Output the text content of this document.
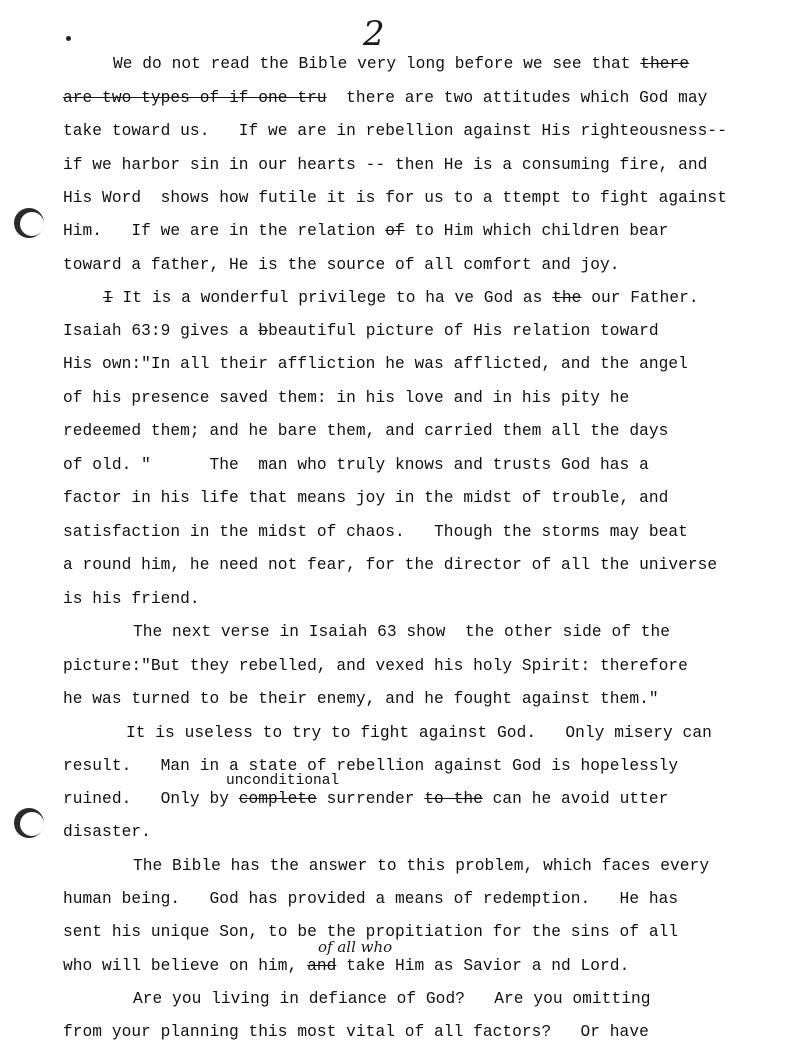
2
We do not read the Bible very long before we see that there
are two types of if one tru  there are two attitudes which God may
take toward us.   If we are in rebellion against His righteousness--
if we harbor sin in our hearts -- then He is a consuming fire, and
His Word  shows how futile it is for us to a ttempt to fight against
Him.   If we are in the relation of to Him which children bear
toward a father, He is the source of all comfort and joy.
I It is a wonderful privilege to ha ve God as the our Father.
Isaiah 63:9 gives a bbeautiful picture of His relation toward
His own:"In all their affliction he was afflicted, and the angel
of his presence saved them: in his love and in his pity he
redeemed them; and he bare them, and carried them all the days
of old. "      The  man who truly knows and trusts God has a
factor in his life that means joy in the midst of trouble, and
satisfaction in the midst of chaos.   Though the storms may beat
a round him, he need not fear, for the director of all the universe
is his friend.
The next verse in Isaiah 63 show  the other side of the
picture:"But they rebelled, and vexed his holy Spirit: therefore
he was turned to be their enemy, and he fought against them."
It is useless to try to fight against God.   Only misery can
result.   Man in a state of rebellion against God is hopelessly
ruined.   Only by complete surrender to the can he avoid utter
disaster.
The Bible has the answer to this problem, which faces every
human being.   God has provided a means of redemption.   He has
sent his unique Son, to be the propitiation for the sins of all
who will believe on him, and take Him as Savior a nd Lord.
Are you living in defiance of God?   Are you omitting
from your planning this most vital of all factors?   Or have
unconditional
of all who
